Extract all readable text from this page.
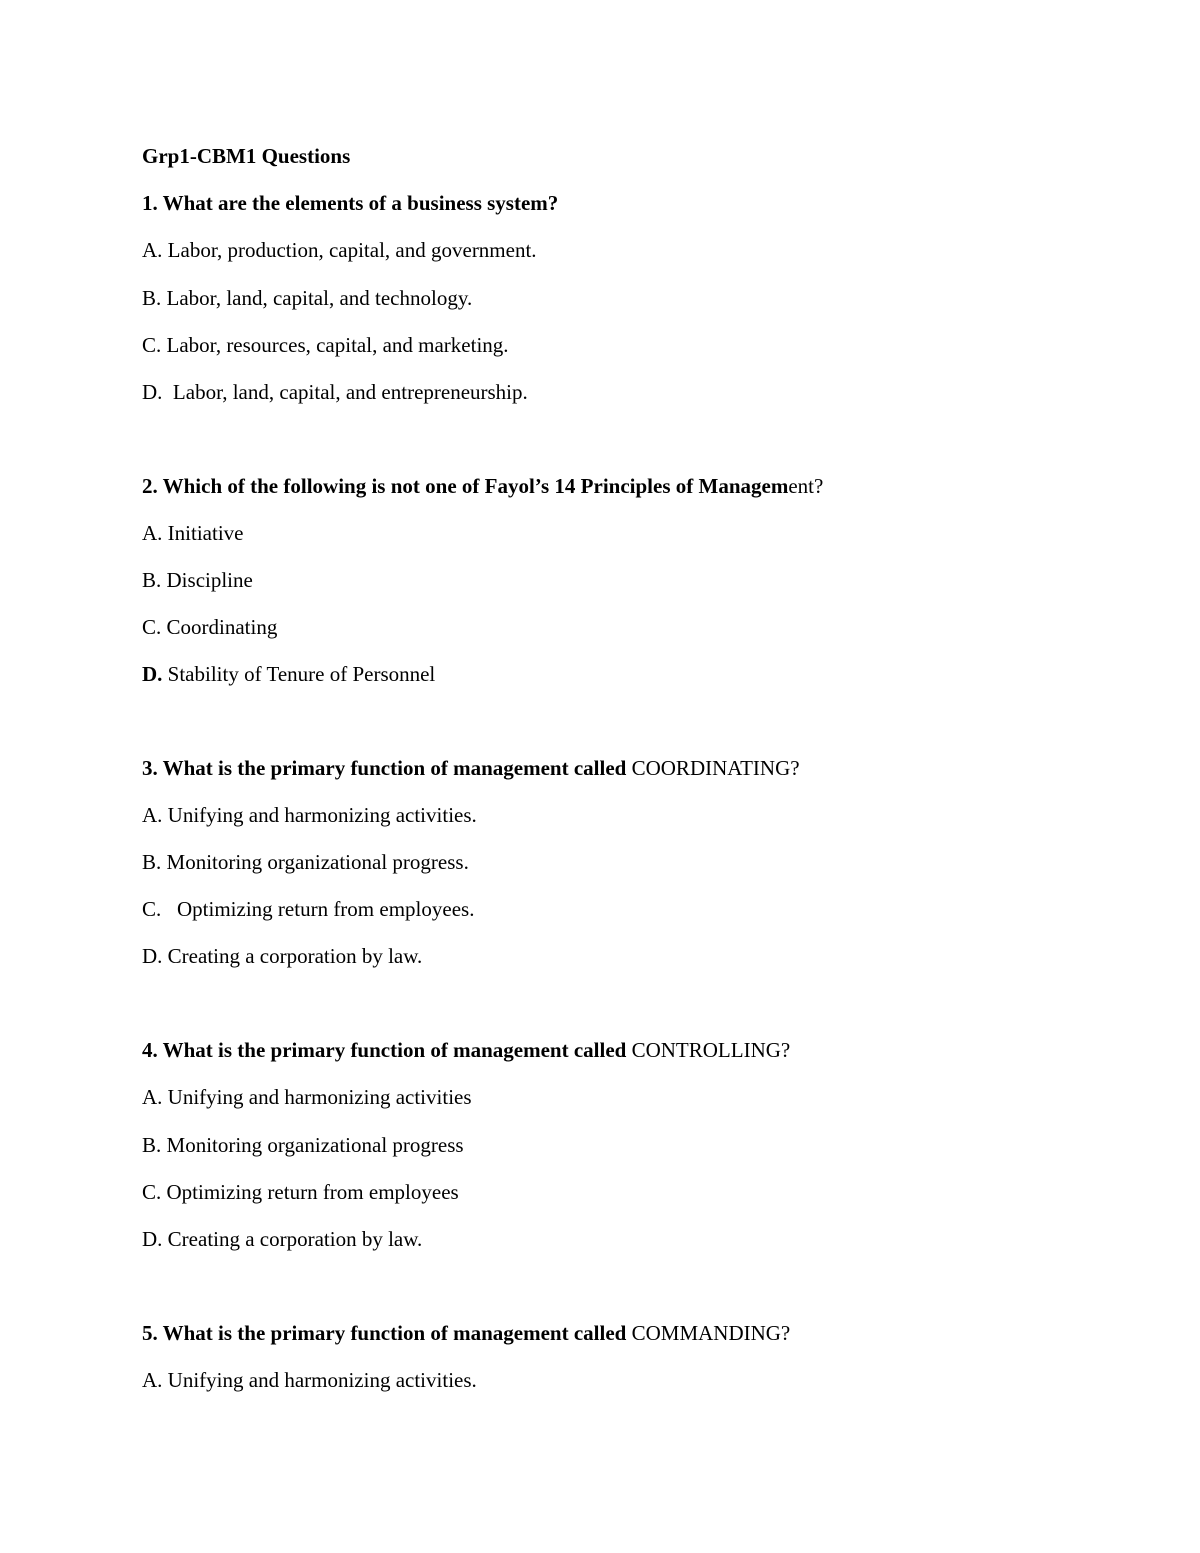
Grp1-CBM1 Questions
1. What are the elements of a business system?
A. Labor, production, capital, and government.
B. Labor, land, capital, and technology.
C. Labor, resources, capital, and marketing.
D. Labor, land, capital, and entrepreneurship.
2. Which of the following is not one of Fayol’s 14 Principles of Management?
A. Initiative
B. Discipline
C. Coordinating
D. Stability of Tenure of Personnel
3. What is the primary function of management called COORDINATING?
A. Unifying and harmonizing activities.
B. Monitoring organizational progress.
C. Optimizing return from employees.
D. Creating a corporation by law.
4. What is the primary function of management called CONTROLLING?
A. Unifying and harmonizing activities
B. Monitoring organizational progress
C. Optimizing return from employees
D. Creating a corporation by law.
5. What is the primary function of management called COMMANDING?
A. Unifying and harmonizing activities.
